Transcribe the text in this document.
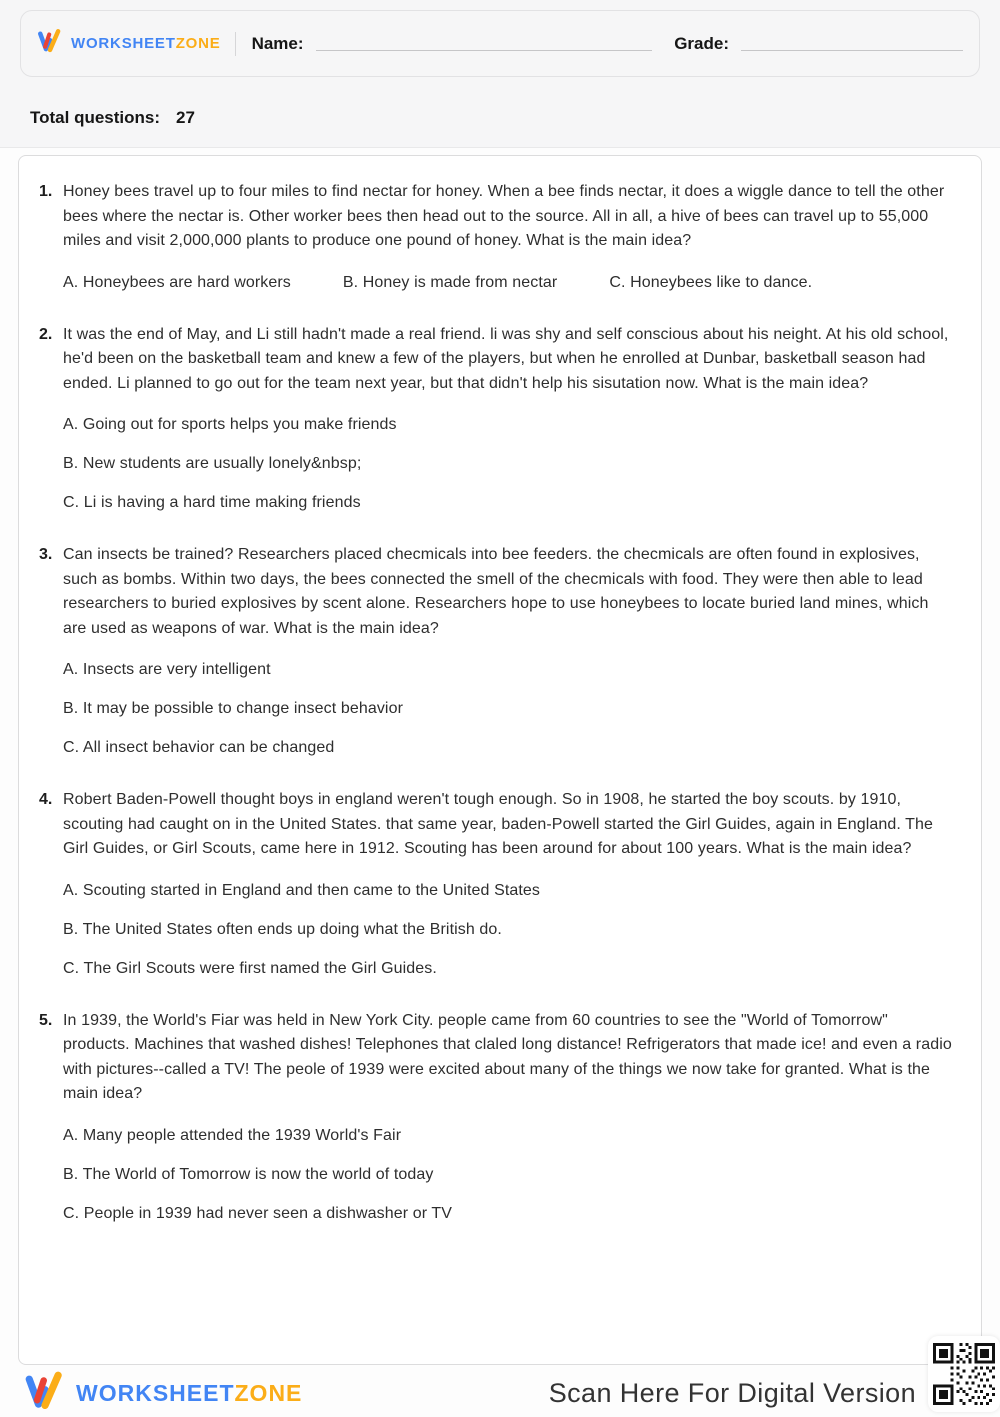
WORKSHEETZONE Name:	Grade:
Total questions: 27
1. Honey bees travel up to four miles to find nectar for honey. When a bee finds nectar, it does a wiggle dance to tell the other bees where the nectar is. Other worker bees then head out to the source. All in all, a hive of bees can travel up to 55,000 miles and visit 2,000,000 plants to produce one pound of honey. What is the main idea?

A. Honeybees are hard workers	B. Honey is made from nectar	C. Honeybees like to dance.
2. It was the end of May, and Li still hadn't made a real friend. li was shy and self conscious about his neight. At his old school, he'd been on the basketball team and knew a few of the players, but when he enrolled at Dunbar, basketball season had ended. Li planned to go out for the team next year, but that didn't help his sisutation now. What is the main idea?

A. Going out for sports helps you make friends
B. New students are usually lonely&nbsp;
C. Li is having a hard time making friends
3. Can insects be trained? Researchers placed checmicals into bee feeders. the checmicals are often found in explosives, such as bombs. Within two days, the bees connected the smell of the checmicals with food. They were then able to lead researchers to buried explosives by scent alone. Researchers hope to use honeybees to locate buried land mines, which are used as weapons of war. What is the main idea?

A. Insects are very intelligent
B. It may be possible to change insect behavior
C. All insect behavior can be changed
4. Robert Baden-Powell thought boys in england weren't tough enough. So in 1908, he started the boy scouts. by 1910, scouting had caught on in the United States. that same year, baden-Powell started the Girl Guides, again in England. The Girl Guides, or Girl Scouts, came here in 1912. Scouting has been around for about 100 years. What is the main idea?

A. Scouting started in England and then came to the United States
B. The United States often ends up doing what the British do.
C. The Girl Scouts were first named the Girl Guides.
5. In 1939, the World's Fiar was held in New York City. people came from 60 countries to see the "World of Tomorrow" products. Machines that washed dishes! Telephones that claled long distance! Refrigerators that made ice! and even a radio with pictures--called a TV! The peole of 1939 were excited about many of the things we now take for granted. What is the main idea?

A. Many people attended the 1939 World's Fair
B. The World of Tomorrow is now the world of today
C. People in 1939 had never seen a dishwasher or TV
WORKSHEETZONE	Scan Here For Digital Version
